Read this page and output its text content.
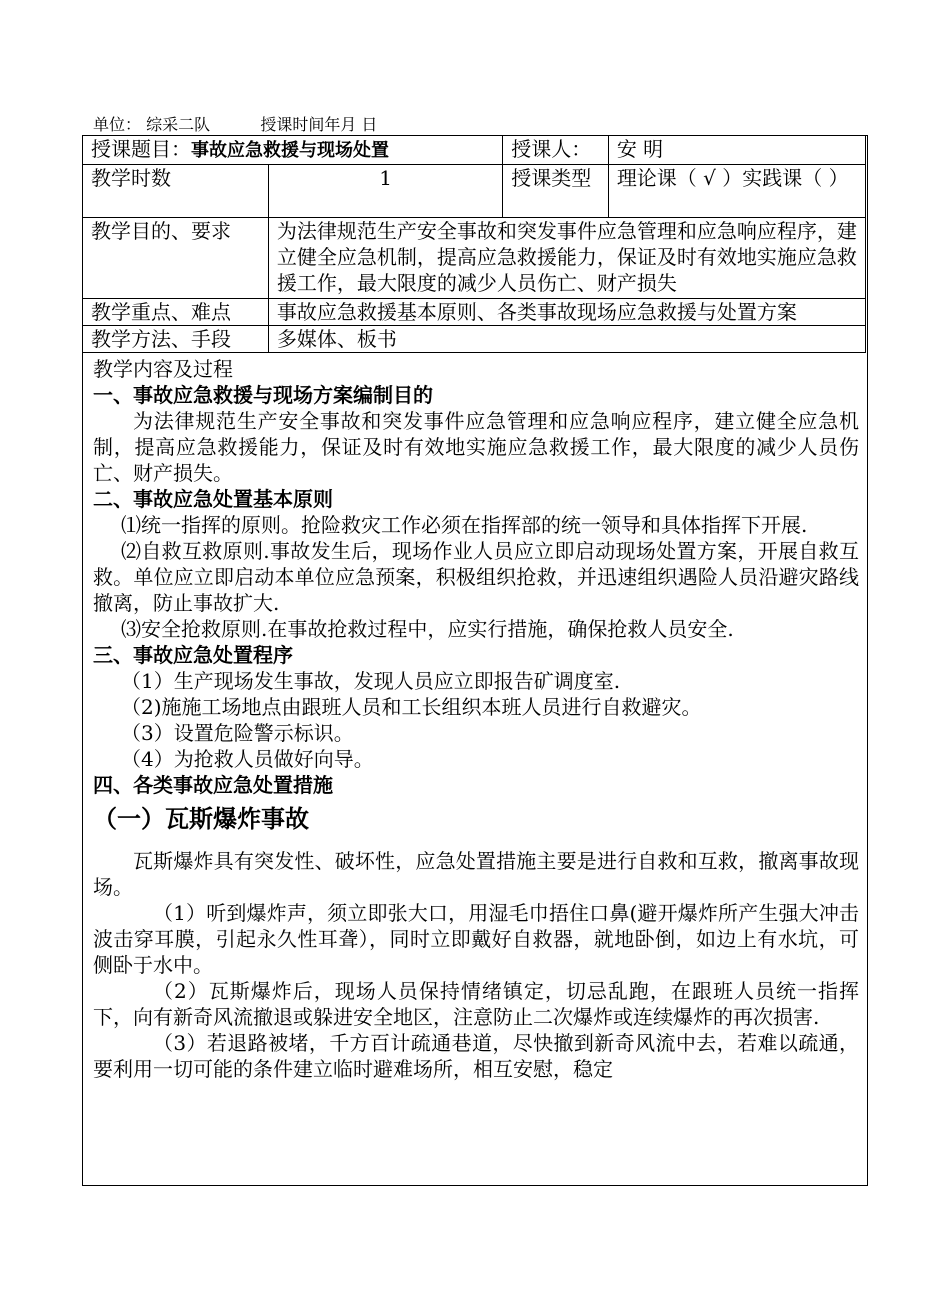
单位： 综采二队	授课时间年月 日
授课题目：事故应急救援与现场处置		授课人：	安 明
教学时数	1	授课类型	理论课（ √ ）实践课（ ）
教学目的、要求	为法律规范生产安全事故和突发事件应急管理和应急响应程序，建立健全应急机制，提高应急救援能力，保证及时有效地实施应急救援工作，最大限度的减少人员伤亡、财产损失		
教学重点、难点	事故应急救援基本原则、各类事故现场应急救援与处置方案		
教学方法、手段	多媒体、板书		

教学内容及过程

一、事故应急救援与现场方案编制目的

为法律规范生产安全事故和突发事件应急管理和应急响应程序，建立健全应急机制，提高应急救援能力，保证及时有效地实施应急救援工作，最大限度的减少人员伤亡、财产损失。

二、事故应急处置基本原则

⑴统一指挥的原则。抢险救灾工作必须在指挥部的统一领导和具体指挥下开展.

⑵自救互救原则.事故发生后，现场作业人员应立即启动现场处置方案，开展自救互救。单位应立即启动本单位应急预案，积极组织抢救，并迅速组织遇险人员沿避灾路线撤离，防止事故扩大.

⑶安全抢救原则.在事故抢救过程中，应实行措施，确保抢救人员安全.

三、事故应急处置程序

（1）生产现场发生事故，发现人员应立即报告矿调度室.

（2)施施工场地点由跟班人员和工长组织本班人员进行自救避灾。

（3）设置危险警示标识。

（4）为抢救人员做好向导。

四、各类事故应急处置措施
（一）瓦斯爆炸事故

瓦斯爆炸具有突发性、破坏性，应急处置措施主要是进行自救和互救，撤离事故现场。

（1）听到爆炸声，须立即张大口，用湿毛巾捂住口鼻(避开爆炸所产生强大冲击波击穿耳膜，引起永久性耳聋），同时立即戴好自救器，就地卧倒，如边上有水坑，可侧卧于水中。

（2）瓦斯爆炸后，现场人员保持情绪镇定，切忌乱跑，在跟班人员统一指挥下，向有新奇风流撤退或躲进安全地区，注意防止二次爆炸或连续爆炸的再次损害.

（3）若退路被堵，千方百计疏通巷道，尽快撤到新奇风流中去，若难以疏通，要利用一切可能的条件建立临时避难场所，相互安慰，稳定
